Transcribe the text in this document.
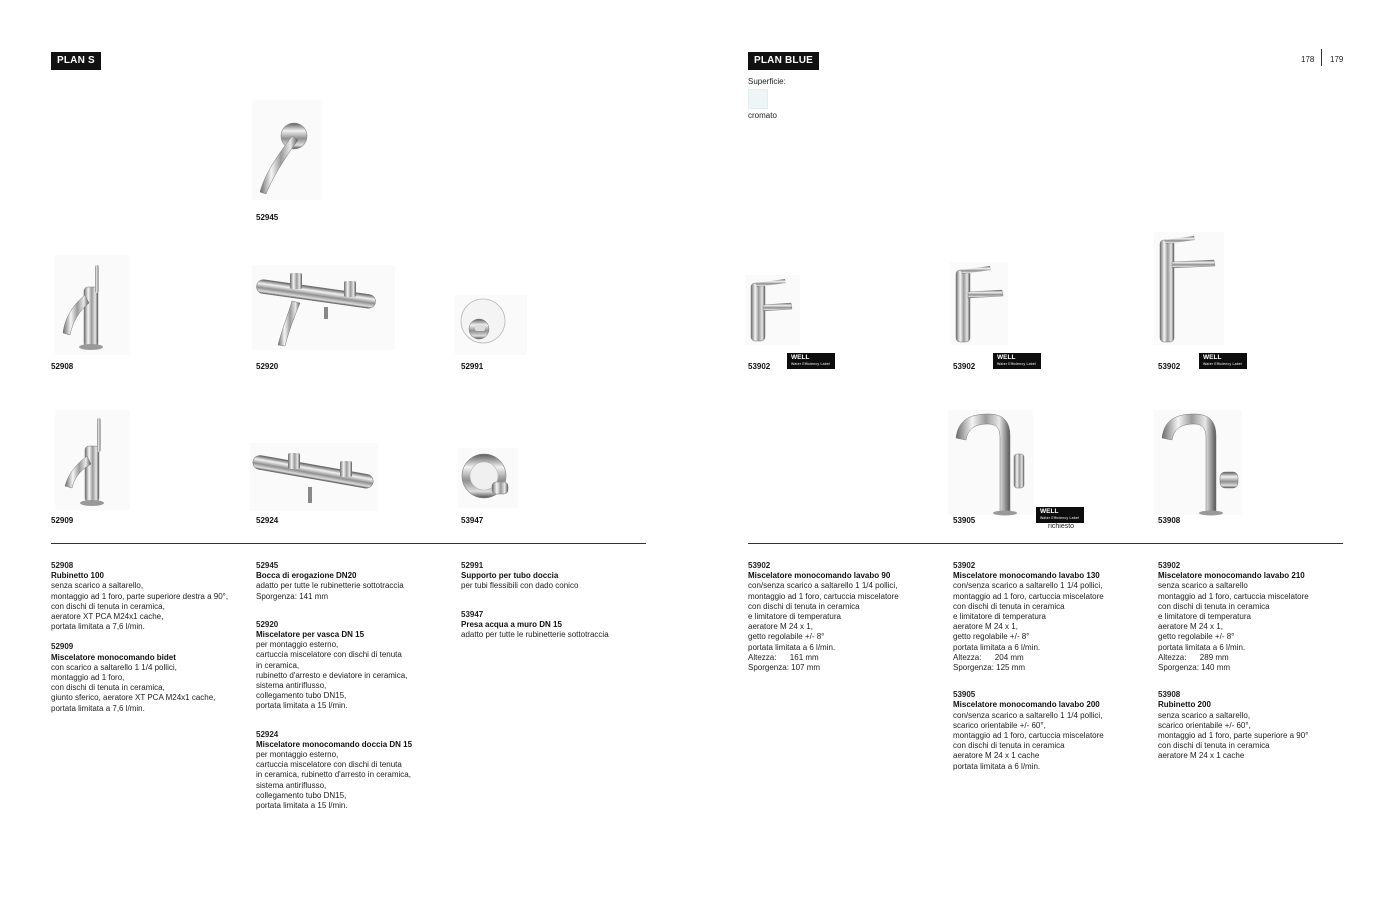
PLAN S
52945
52908	52920	52991
52909	52924	53947
52908
Rubinetto 100
senza scarico a saltarello,
montaggio ad 1 foro, parte superiore destra a 90°,
con dischi di tenuta in ceramica,
aeratore XT PCA M24x1 cache,
portata limitata a 7,6 l/min.
52909
Miscelatore monocomando bidet
con scarico a saltarello 1 1/4 pollici,
montaggio ad 1 foro,
con dischi di tenuta in ceramica,
giunto sferico, aeratore XT PCA M24x1 cache,
portata limitata a 7,6 l/min.
52945
Bocca di erogazione DN20
adatto per tutte le rubinetterie sottotraccia
Sporgenza: 141 mm
52920
Miscelatore per vasca DN 15
per montaggio esterno,
cartuccia miscelatore con dischi di tenuta
in ceramica,
rubinetto d'arresto e deviatore in ceramica,
sistema antiriflusso,
collegamento tubo DN15,
portata limitata a 15 l/min.
52924
Miscelatore monocomando doccia DN 15
per montaggio esterno,
cartuccia miscelatore con dischi di tenuta
in ceramica, rubinetto d'arresto in ceramica,
sistema antiriflusso,
collegamento tubo DN15,
portata limitata a 15 l/min.
52991
Supporto per tubo doccia
per tubi flessibili con dado conico
53947
Presa acqua a muro DN 15
adatto per tutte le rubinetterie sottotraccia
PLAN BLUE	178 179
Superficie:
cromato
53902
WELL
Water Efficiency Label	53902
WELL
Water Efficiency Label	53902
WELL
Water Efficiency Label
53905
WELL
Water Efficiency Label
richiesto
53908
53902
Miscelatore monocomando lavabo 90
con/senza scarico a saltarello 1 1/4 pollici,
montaggio ad 1 foro, cartuccia miscelatore
con dischi di tenuta in ceramica
e limitatore di temperatura
aeratore M 24 x 1,
getto regolabile +/- 8°
portata limitata a 6 l/min.
Altezza:      161 mm
Sporgenza: 107 mm
53902
Miscelatore monocomando lavabo 130
con/senza scarico a saltarello 1 1/4 pollici,
montaggio ad 1 foro, cartuccia miscelatore
con dischi di tenuta in ceramica
e limitatore di temperatura
aeratore M 24 x 1,
getto regolabile +/- 8°
portata limitata a 6 l/min.
Altezza:      204 mm
Sporgenza: 125 mm
53905
Miscelatore monocomando lavabo 200
con/senza scarico a saltarello 1 1/4 pollici,
scarico orientabile +/- 60°,
montaggio ad 1 foro, cartuccia miscelatore
con dischi di tenuta in ceramica
aeratore M 24 x 1 cache
portata limitata a 6 l/min.
53902
Miscelatore monocomando lavabo 210
senza scarico a saltarello
montaggio ad 1 foro, cartuccia miscelatore
con dischi di tenuta in ceramica
e limitatore di temperatura
aeratore M 24 x 1,
getto regolabile +/- 8°
portata limitata a 6 l/min.
Altezza:      289 mm
Sporgenza: 140 mm
53908
Rubinetto 200
senza scarico a saltarello,
scarico orientabile +/- 60°,
montaggio ad 1 foro, parte superiore a 90°
con dischi di tenuta in ceramica
aeratore M 24 x 1 cache
